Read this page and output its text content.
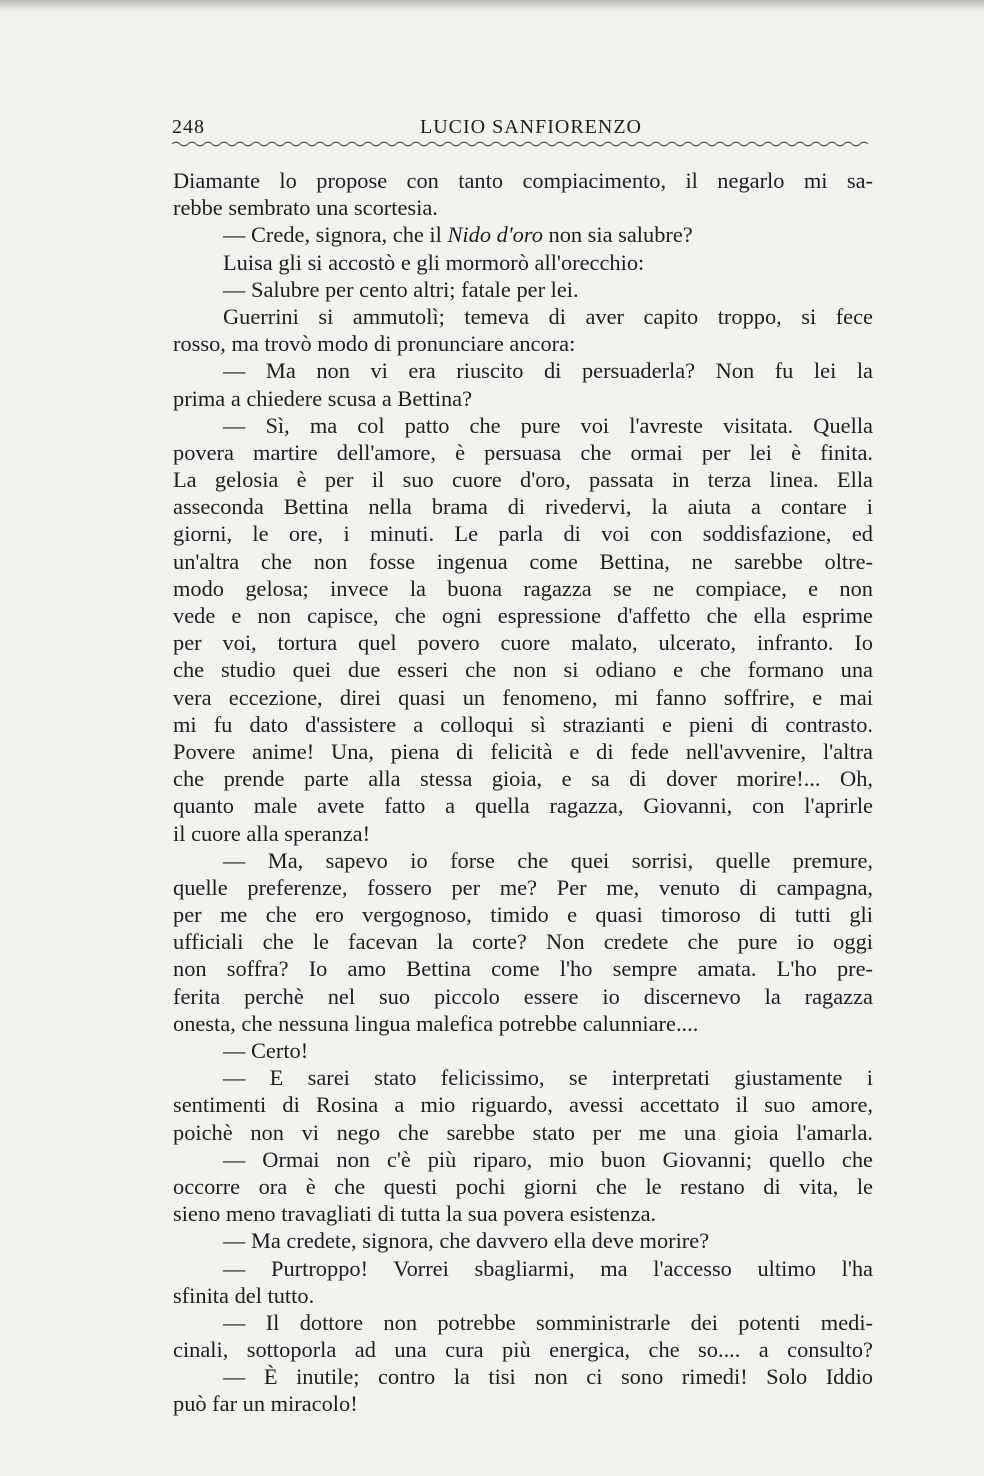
248	LUCIO SANFIORENZO
Diamante lo propose con tanto compiacimento, il negarlo mi sa-
rebbe sembrato una scortesia.
— Crede, signora, che il Nido d'oro non sia salubre?
Luisa gli si accostò e gli mormorò all'orecchio:
— Salubre per cento altri; fatale per lei.
Guerrini si ammutolì; temeva di aver capito troppo, si fece
rosso, ma trovò modo di pronunciare ancora:
— Ma non vi era riuscito di persuaderla? Non fu lei la
prima a chiedere scusa a Bettina?
— Sì, ma col patto che pure voi l'avreste visitata. Quella
povera martire dell'amore, è persuasa che ormai per lei è finita.
La gelosia è per il suo cuore d'oro, passata in terza linea. Ella
asseconda Bettina nella brama di rivedervi, la aiuta a contare i
giorni, le ore, i minuti. Le parla di voi con soddisfazione, ed
un'altra che non fosse ingenua come Bettina, ne sarebbe oltre-
modo gelosa; invece la buona ragazza se ne compiace, e non
vede e non capisce, che ogni espressione d'affetto che ella esprime
per voi, tortura quel povero cuore malato, ulcerato, infranto. Io
che studio quei due esseri che non si odiano e che formano una
vera eccezione, direi quasi un fenomeno, mi fanno soffrire, e mai
mi fu dato d'assistere a colloqui sì strazianti e pieni di contrasto.
Povere anime! Una, piena di felicità e di fede nell'avvenire, l'altra
che prende parte alla stessa gioia, e sa di dover morire!... Oh,
quanto male avete fatto a quella ragazza, Giovanni, con l'aprirle
il cuore alla speranza!
— Ma, sapevo io forse che quei sorrisi, quelle premure,
quelle preferenze, fossero per me? Per me, venuto di campagna,
per me che ero vergognoso, timido e quasi timoroso di tutti gli
ufficiali che le facevan la corte? Non credete che pure io oggi
non soffra? Io amo Bettina come l'ho sempre amata. L'ho pre-
ferita perchè nel suo piccolo essere io discernevo la ragazza
onesta, che nessuna lingua malefica potrebbe calunniare....
— Certo!
— E sarei stato felicissimo, se interpretati giustamente i
sentimenti di Rosina a mio riguardo, avessi accettato il suo amore,
poichè non vi nego che sarebbe stato per me una gioia l'amarla.
— Ormai non c'è più riparo, mio buon Giovanni; quello che
occorre ora è che questi pochi giorni che le restano di vita, le
sieno meno travagliati di tutta la sua povera esistenza.
— Ma credete, signora, che davvero ella deve morire?
— Purtroppo! Vorrei sbagliarmi, ma l'accesso ultimo l'ha
sfinita del tutto.
— Il dottore non potrebbe somministrarle dei potenti medi-
cinali, sottoporla ad una cura più energica, che so.... a consulto?
— È inutile; contro la tisi non ci sono rimedi! Solo Iddio
può far un miracolo!
